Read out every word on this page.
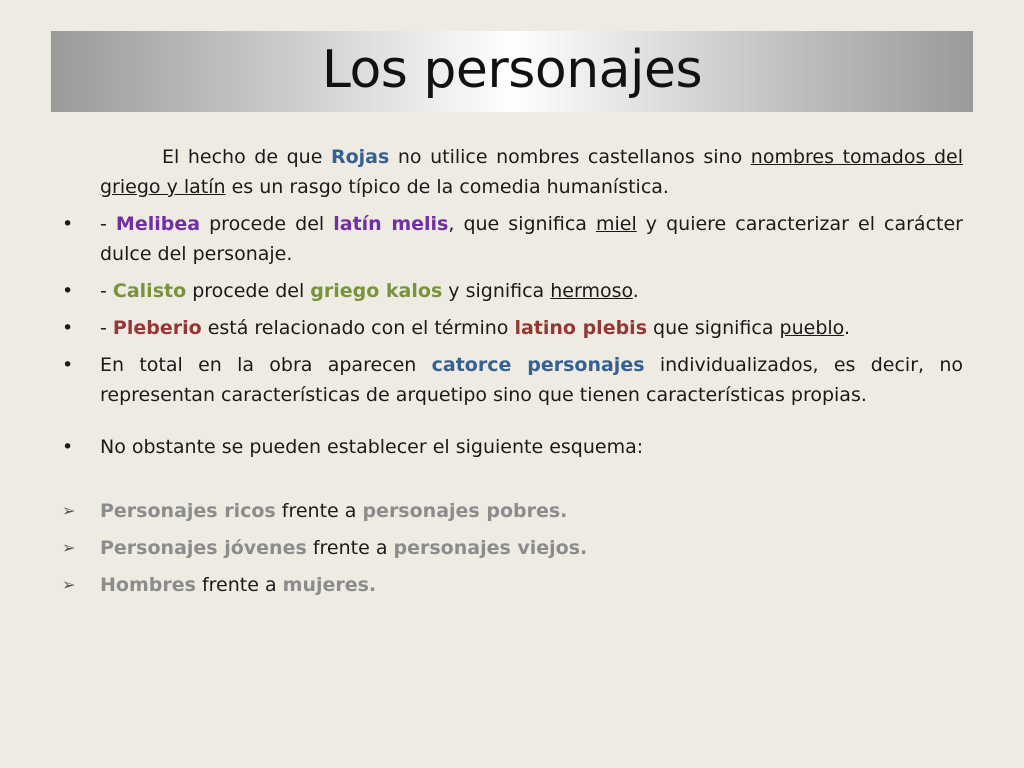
Los personajes

El hecho de que Rojas no utilice nombres castellanos sino nombres tomados del griego y latín es un rasgo típico de la comedia humanística.

•	- Melibea procede del latín melis, que significa miel y quiere caracterizar el carácter dulce del personaje.
•	- Calisto procede del griego kalos y significa hermoso.
•	- Pleberio está relacionado con el término latino plebis que significa pueblo.
•	En total en la obra aparecen catorce personajes individualizados, es decir, no representan características de arquetipo sino que tienen características propias.
•	No obstante se pueden establecer el siguiente esquema:
➢	Personajes ricos frente a personajes pobres.
➢	Personajes jóvenes frente a personajes viejos.
➢	Hombres frente a mujeres.
